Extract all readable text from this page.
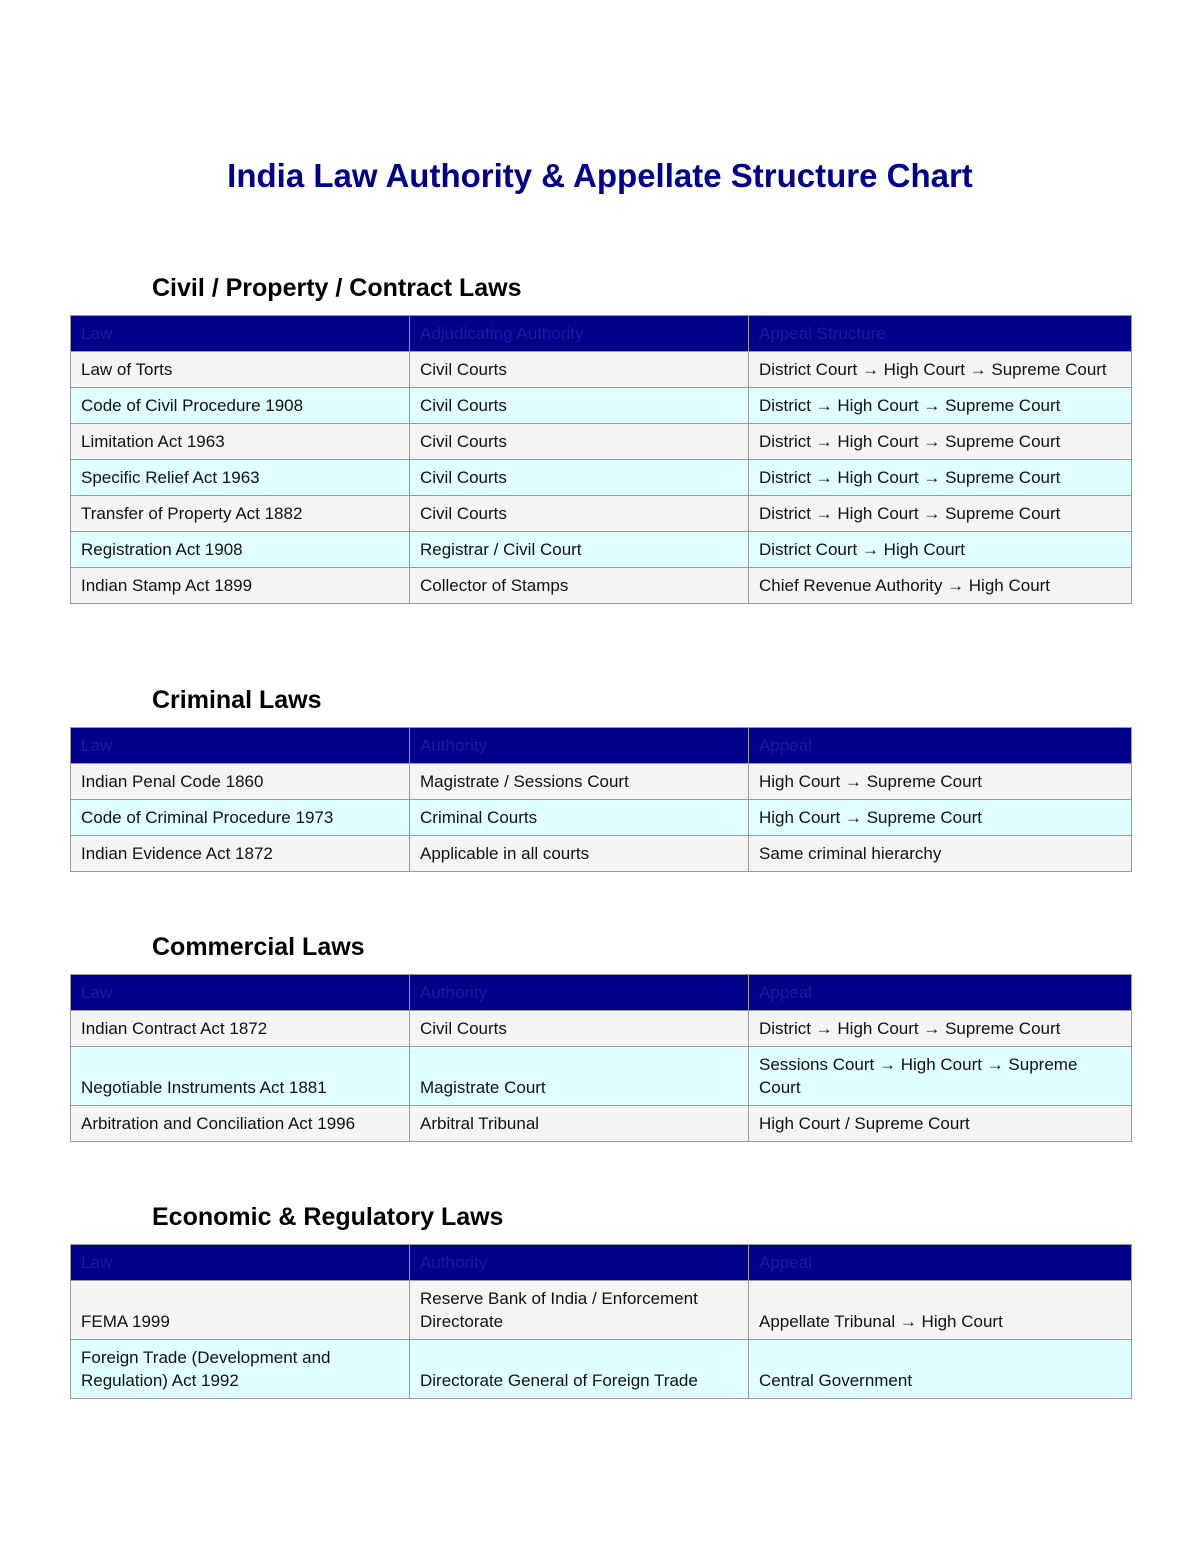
India Law Authority & Appellate Structure Chart
Civil / Property / Contract Laws
Law	Adjudicating Authority	Appeal Structure
Law of Torts	Civil Courts	District Court → High Court → Supreme Court
Code of Civil Procedure 1908	Civil Courts	District → High Court → Supreme Court
Limitation Act 1963	Civil Courts	District → High Court → Supreme Court
Specific Relief Act 1963	Civil Courts	District → High Court → Supreme Court
Transfer of Property Act 1882	Civil Courts	District → High Court → Supreme Court
Registration Act 1908	Registrar / Civil Court	District Court → High Court
Indian Stamp Act 1899	Collector of Stamps	Chief Revenue Authority → High Court
Criminal Laws
Law	Authority	Appeal
Indian Penal Code 1860	Magistrate / Sessions Court	High Court → Supreme Court
Code of Criminal Procedure 1973	Criminal Courts	High Court → Supreme Court
Indian Evidence Act 1872	Applicable in all courts	Same criminal hierarchy
Commercial Laws
Law	Authority	Appeal
Indian Contract Act 1872	Civil Courts	District → High Court → Supreme Court
Negotiable Instruments Act 1881	Magistrate Court	Sessions Court → High Court → Supreme Court
Arbitration and Conciliation Act 1996	Arbitral Tribunal	High Court / Supreme Court
Economic & Regulatory Laws
Law	Authority	Appeal
FEMA 1999	Reserve Bank of India / Enforcement Directorate	Appellate Tribunal → High Court
Foreign Trade (Development and Regulation) Act 1992	Directorate General of Foreign Trade	Central Government
